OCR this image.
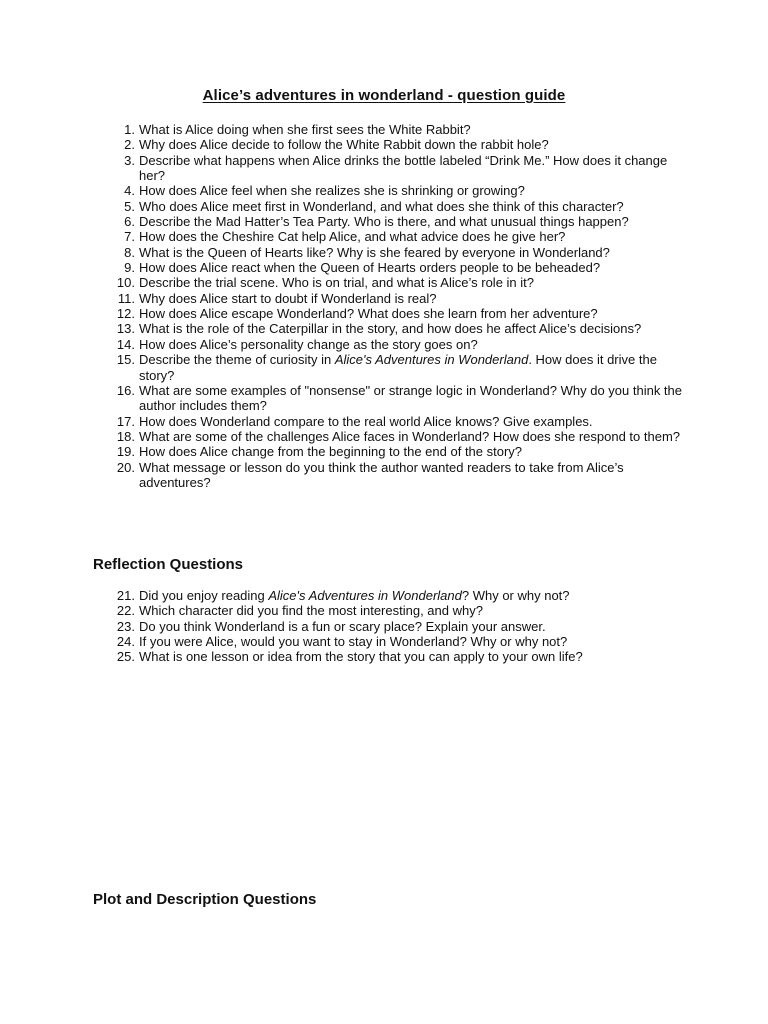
Alice’s adventures in wonderland - question guide
1. What is Alice doing when she first sees the White Rabbit?
2. Why does Alice decide to follow the White Rabbit down the rabbit hole?
3. Describe what happens when Alice drinks the bottle labeled “Drink Me.” How does it change her?
4. How does Alice feel when she realizes she is shrinking or growing?
5. Who does Alice meet first in Wonderland, and what does she think of this character?
6. Describe the Mad Hatter’s Tea Party. Who is there, and what unusual things happen?
7. How does the Cheshire Cat help Alice, and what advice does he give her?
8. What is the Queen of Hearts like? Why is she feared by everyone in Wonderland?
9. How does Alice react when the Queen of Hearts orders people to be beheaded?
10. Describe the trial scene. Who is on trial, and what is Alice’s role in it?
11. Why does Alice start to doubt if Wonderland is real?
12. How does Alice escape Wonderland? What does she learn from her adventure?
13. What is the role of the Caterpillar in the story, and how does he affect Alice’s decisions?
14. How does Alice’s personality change as the story goes on?
15. Describe the theme of curiosity in Alice's Adventures in Wonderland. How does it drive the story?
16. What are some examples of "nonsense" or strange logic in Wonderland? Why do you think the author includes them?
17. How does Wonderland compare to the real world Alice knows? Give examples.
18. What are some of the challenges Alice faces in Wonderland? How does she respond to them?
19. How does Alice change from the beginning to the end of the story?
20. What message or lesson do you think the author wanted readers to take from Alice’s adventures?
Reflection Questions
21. Did you enjoy reading Alice's Adventures in Wonderland? Why or why not?
22. Which character did you find the most interesting, and why?
23. Do you think Wonderland is a fun or scary place? Explain your answer.
24. If you were Alice, would you want to stay in Wonderland? Why or why not?
25. What is one lesson or idea from the story that you can apply to your own life?
Plot and Description Questions
